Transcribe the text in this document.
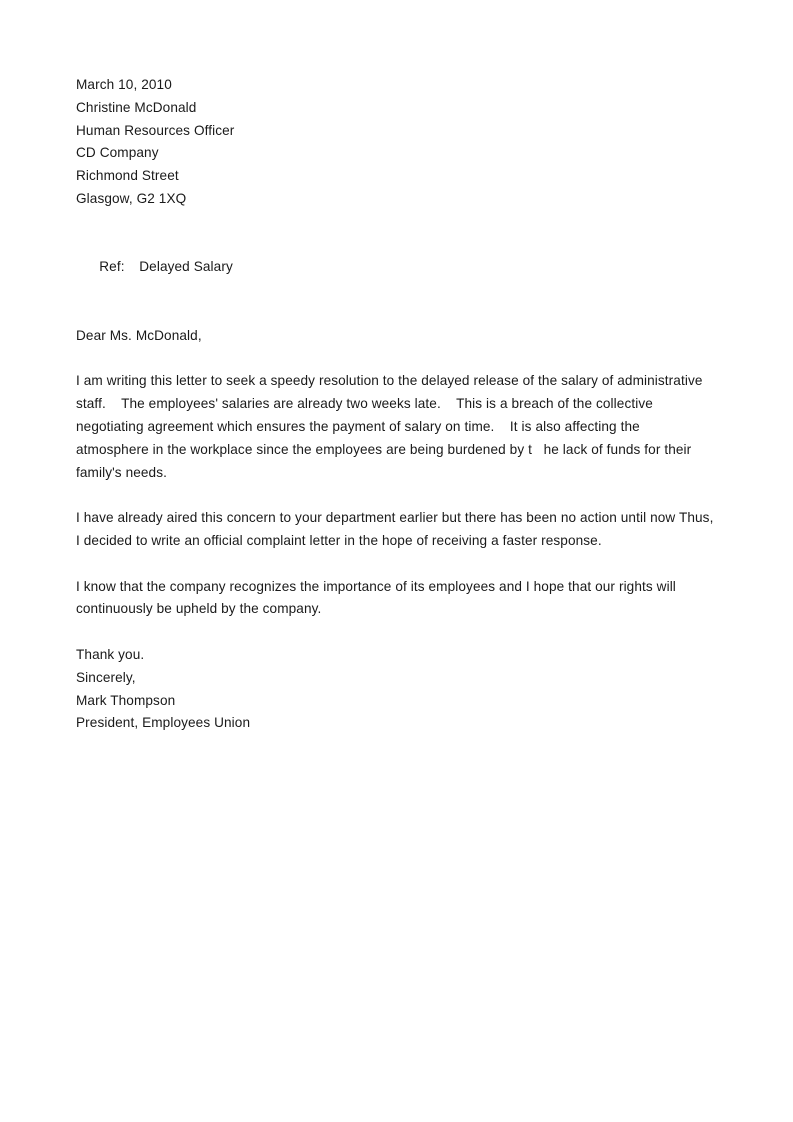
March 10, 2010
Christine McDonald
Human Resources Officer
CD Company
Richmond Street
Glasgow, G2 1XQ

Ref: Delayed Salary

Dear Ms. McDonald,
I am writing this letter to seek a speedy resolution to the delayed release of the salary of administrative
staff.    The employees' salaries are already two weeks late.    This is a breach of the collective
negotiating agreement which ensures the payment of salary on time.    It is also affecting the
atmosphere in the workplace since the employees are being burdened by t   he lack of funds for their
family's needs.
I have already aired this concern to your department earlier but there has been no action until now Thus,
I decided to write an official complaint letter in the hope of receiving a faster response.
I know that the company recognizes the importance of its employees and I hope that our rights will
continuously be upheld by the company.
Thank you.
Sincerely,
Mark Thompson
President, Employees Union
